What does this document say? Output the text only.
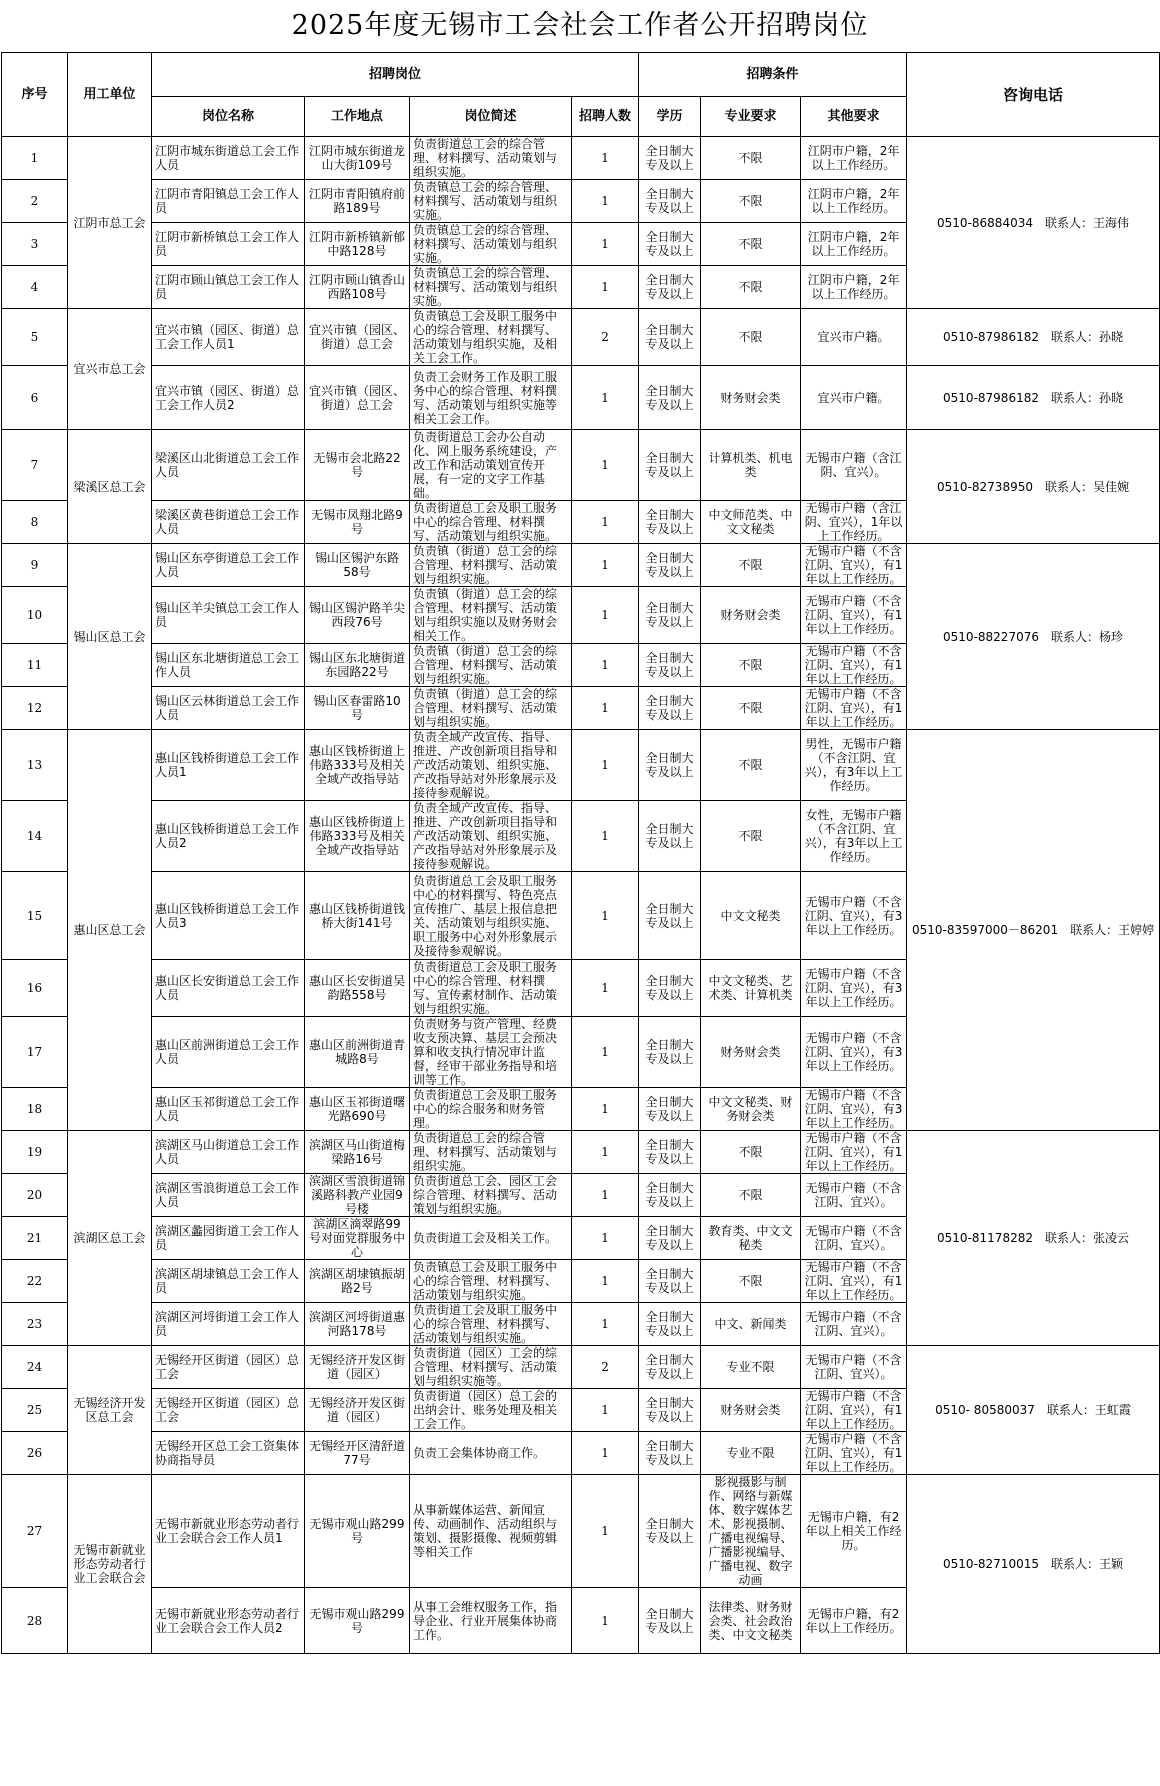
2025年度无锡市工会社会工作者公开招聘岗位
序号	用工单位	招聘岗位				招聘条件			咨询电话
		岗位名称	工作地点	岗位简述	招聘人数	学历	专业要求	其他要求	
1	江阴市总工会	江阴市城东街道总工会工作人员	江阴市城东街道龙山大街109号	负责街道总工会的综合管理、材料撰写、活动策划与组织实施。	1	全日制大专及以上	不限	江阴市户籍，2年以上工作经历。	0510-86884034　联系人：王海伟
2		江阴市青阳镇总工会工作人员	江阴市青阳镇府前路189号	负责镇总工会的综合管理、材料撰写、活动策划与组织实施。	1	全日制大专及以上	不限	江阴市户籍，2年以上工作经历。	
3		江阴市新桥镇总工会工作人员	江阴市新桥镇新郁中路128号	负责镇总工会的综合管理、材料撰写、活动策划与组织实施。	1	全日制大专及以上	不限	江阴市户籍，2年以上工作经历。	
4		江阴市顾山镇总工会工作人员	江阴市顾山镇香山西路108号	负责镇总工会的综合管理、材料撰写、活动策划与组织实施。	1	全日制大专及以上	不限	江阴市户籍，2年以上工作经历。	
5	宜兴市总工会	宜兴市镇（园区、街道）总工会工作人员1	宜兴市镇（园区、街道）总工会	负责镇总工会及职工服务中心的综合管理、材料撰写、活动策划与组织实施，及相关工会工作。	2	全日制大专及以上	不限	宜兴市户籍。	0510-87986182　联系人：孙晓
6		宜兴市镇（园区、街道）总工会工作人员2	宜兴市镇（园区、街道）总工会	负责工会财务工作及职工服务中心的综合管理、材料撰写、活动策划与组织实施等相关工会工作。	1	全日制大专及以上	财务财会类	宜兴市户籍。	0510-87986182　联系人：孙晓
7	梁溪区总工会	梁溪区山北街道总工会工作人员	无锡市会北路22号	负责街道总工会办公自动化、网上服务系统建设，产改工作和活动策划宣传开展，有一定的文字工作基础。	1	全日制大专及以上	计算机类、机电类	无锡市户籍（含江阴、宜兴）。	0510-82738950　联系人：吴佳婉
8		梁溪区黄巷街道总工会工作人员	无锡市凤翔北路9号	负责街道总工会及职工服务中心的综合管理、材料撰写、活动策划与组织实施。	1	全日制大专及以上	中文师范类、中文文秘类	无锡市户籍（含江阴、宜兴），1年以上工作经历。	
9	锡山区总工会	锡山区东亭街道总工会工作人员	锡山区锡沪东路58号	负责镇（街道）总工会的综合管理、材料撰写、活动策划与组织实施。	1	全日制大专及以上	不限	无锡市户籍（不含江阴、宜兴），有1年以上工作经历。	0510-88227076　联系人：杨珍
10		锡山区羊尖镇总工会工作人员	锡山区锡沪路羊尖西段76号	负责镇（街道）总工会的综合管理、材料撰写、活动策划与组织实施以及财务财会相关工作。	1	全日制大专及以上	财务财会类	无锡市户籍（不含江阴、宜兴），有1年以上工作经历。	
11		锡山区东北塘街道总工会工作人员	锡山区东北塘街道东园路22号	负责镇（街道）总工会的综合管理、材料撰写、活动策划与组织实施。	1	全日制大专及以上	不限	无锡市户籍（不含江阴、宜兴），有1年以上工作经历。	
12		锡山区云林街道总工会工作人员	锡山区春雷路10号	负责镇（街道）总工会的综合管理、材料撰写、活动策划与组织实施。	1	全日制大专及以上	不限	无锡市户籍（不含江阴、宜兴），有1年以上工作经历。	
13	惠山区总工会	惠山区钱桥街道总工会工作人员1	惠山区钱桥街道上伟路333号及相关全域产改指导站	负责全域产改宣传、指导、推进、产改创新项目指导和产改活动策划、组织实施、产改指导站对外形象展示及接待参观解说。	1	全日制大专及以上	不限	男性，无锡市户籍（不含江阴、宜兴），有3年以上工作经历。	0510-83597000－86201　联系人：王婷婷
14		惠山区钱桥街道总工会工作人员2	惠山区钱桥街道上伟路333号及相关全域产改指导站	负责全域产改宣传、指导、推进、产改创新项目指导和产改活动策划、组织实施、产改指导站对外形象展示及接待参观解说。	1	全日制大专及以上	不限	女性，无锡市户籍（不含江阴、宜兴），有3年以上工作经历。	
15		惠山区钱桥街道总工会工作人员3	惠山区钱桥街道钱桥大街141号	负责街道总工会及职工服务中心的材料撰写、特色亮点宣传推广、基层上报信息把关、活动策划与组织实施、职工服务中心对外形象展示及接待参观解说。	1	全日制大专及以上	中文文秘类	无锡市户籍（不含江阴、宜兴），有3年以上工作经历。	
16		惠山区长安街道总工会工作人员	惠山区长安街道吴韵路558号	负责街道总工会及职工服务中心的综合管理、材料撰写、宣传素材制作、活动策划与组织实施。	1	全日制大专及以上	中文文秘类、艺术类、计算机类	无锡市户籍（不含江阴、宜兴），有3年以上工作经历。	
17		惠山区前洲街道总工会工作人员	惠山区前洲街道青城路8号	负责财务与资产管理、经费收支预决算、基层工会预决算和收支执行情况审计监督，经审干部业务指导和培训等工作。	1	全日制大专及以上	财务财会类	无锡市户籍（不含江阴、宜兴），有3年以上工作经历。	
18		惠山区玉祁街道总工会工作人员	惠山区玉祁街道曙光路690号	负责街道总工会及职工服务中心的综合服务和财务管理。	1	全日制大专及以上	中文文秘类、财务财会类	无锡市户籍（不含江阴、宜兴），有3年以上工作经历。	
19	滨湖区总工会	滨湖区马山街道总工会工作人员	滨湖区马山街道梅梁路16号	负责街道总工会的综合管理、材料撰写、活动策划与组织实施。	1	全日制大专及以上	不限	无锡市户籍（不含江阴、宜兴），有1年以上工作经历。	0510-81178282　联系人：张凌云
20		滨湖区雪浪街道总工会工作人员	滨湖区雪浪街道锦溪路科教产业园9号楼	负责街道总工会、园区工会综合管理、材料撰写、活动策划与组织实施。	1	全日制大专及以上	不限	无锡市户籍（不含江阴、宜兴）。	
21		滨湖区蠡园街道工会工作人员	滨湖区滴翠路99号对面党群服务中心	负责街道工会及相关工作。	1	全日制大专及以上	教育类、中文文秘类	无锡市户籍（不含江阴、宜兴）。	
22		滨湖区胡埭镇总工会工作人员	滨湖区胡埭镇振胡路2号	负责镇总工会及职工服务中心的综合管理、材料撰写、活动策划与组织实施。	1	全日制大专及以上	不限	无锡市户籍（不含江阴、宜兴），有1年以上工作经历。	
23		滨湖区河埒街道工会工作人员	滨湖区河埒街道惠河路178号	负责街道工会及职工服务中心的综合管理、材料撰写、活动策划与组织实施。	1	全日制大专及以上	中文、新闻类	无锡市户籍（不含江阴、宜兴）。	
24	无锡经济开发区总工会	无锡经开区街道（园区）总工会	无锡经济开发区街道（园区）	负责街道（园区）工会的综合管理、材料撰写、活动策划与组织实施等。	2	全日制大专及以上	专业不限	无锡市户籍（不含江阴、宜兴）。	0510- 80580037　联系人：王虹霞
25		无锡经开区街道（园区）总工会	无锡经济开发区街道（园区）	负责街道（园区）总工会的出纳会计、账务处理及相关工会工作。	1	全日制大专及以上	财务财会类	无锡市户籍（不含江阴、宜兴），有1年以上工作经历。	
26		无锡经开区总工会工资集体协商指导员	无锡经开区清舒道77号	负责工会集体协商工作。	1	全日制大专及以上	专业不限	无锡市户籍（不含江阴、宜兴），有1年以上工作经历。	
27	无锡市新就业形态劳动者行业工会联合会	无锡市新就业形态劳动者行业工会联合会工作人员1	无锡市观山路299号	从事新媒体运营、新闻宣传、动画制作、活动组织与策划、摄影摄像、视频剪辑等相关工作	1	全日制大专及以上	影视摄影与制作、网络与新媒体、数字媒体艺术、影视摄制、广播电视编导、广播影视编导、广播电视、数字动画	无锡市户籍，有2年以上相关工作经历。	0510-82710015　联系人：王颖
28		无锡市新就业形态劳动者行业工会联合会工作人员2	无锡市观山路299号	从事工会维权服务工作，指导企业、行业开展集体协商工作。	1	全日制大专及以上	法律类、财务财会类、社会政治类、中文文秘类	无锡市户籍，有2年以上工作经历。	
